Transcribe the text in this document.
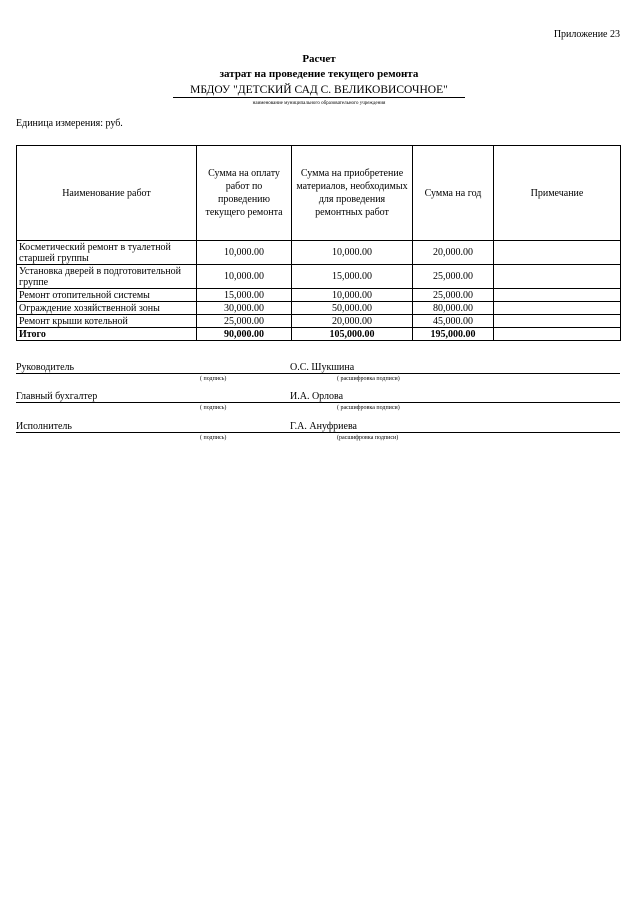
Приложение 23
Расчет
затрат на проведение текущего ремонта
МБДОУ "ДЕТСКИЙ САД С. ВЕЛИКОВИСОЧНОЕ"
наименование муниципального образовательного учреждения
Единица измерения: руб.
Наименование работ	Сумма на оплату работ по проведению текущего ремонта	Сумма на приобретение материалов, необходимых для проведения ремонтных работ	Сумма на год	Примечание
Косметический ремонт в туалетной старшей группы	10,000.00	10,000.00	20,000.00	
Установка дверей в подготовительной группе	10,000.00	15,000.00	25,000.00	
Ремонт отопительной системы	15,000.00	10,000.00	25,000.00	
Ограждение хозяйственной зоны	30,000.00	50,000.00	80,000.00	
Ремонт крыши котельной	25,000.00	20,000.00	45,000.00	
Итого	90,000.00	105,000.00	195,000.00	
Руководитель	О.С. Шукшина
( подпись)	( расшифровка подписи)
Главный бухгалтер	И.А. Орлова
( подпись)	( расшифровка подписи)
Исполнитель	Г.А. Ануфриева
( подпись)	(расшифровка подписи)
